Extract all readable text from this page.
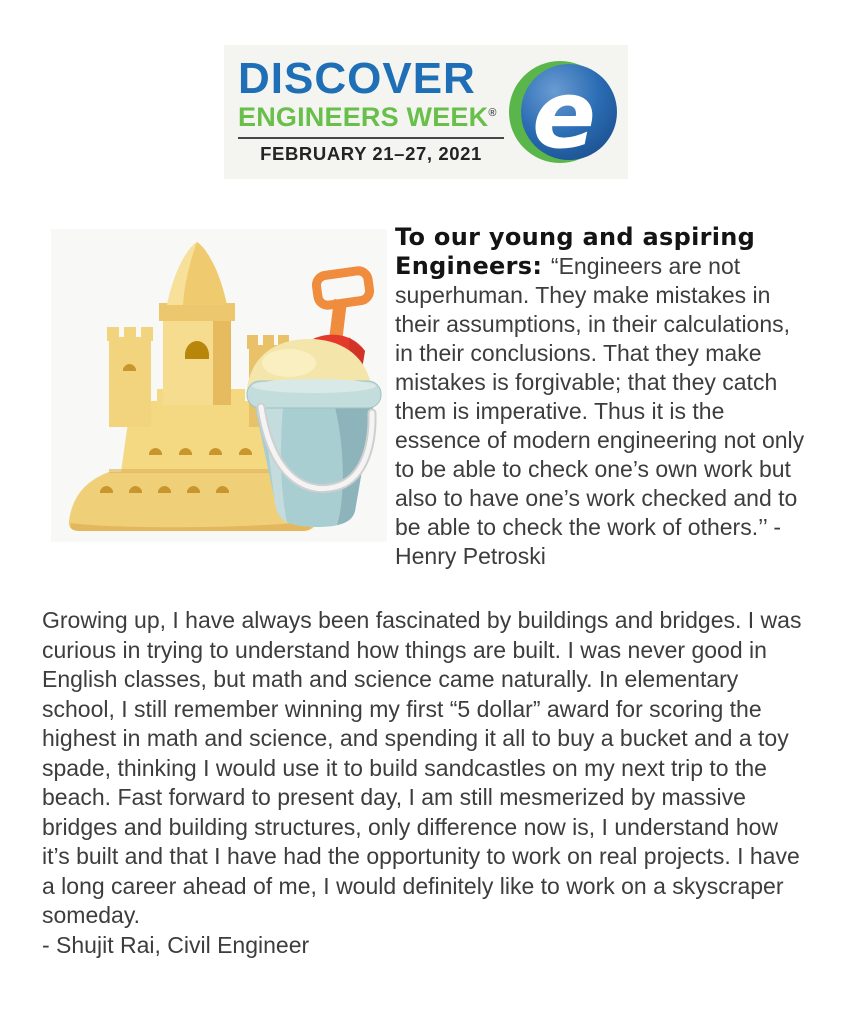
DISCOVER
ENGINEERS WEEK®
FEBRUARY 21–27, 2021 e

To our young and aspiring Engineers: “Engineers are not superhuman. They make mistakes in their assumptions, in their calculations, in their conclusions. That they make mistakes is forgivable; that they catch them is imperative. Thus it is the essence of modern engineering not only to be able to check one’s own work but also to have one’s work checked and to be able to check the work of others.’’ - Henry Petroski

Growing up, I have always been fascinated by buildings and bridges. I was curious in trying to understand how things are built. I was never good in English classes, but math and science came naturally. In elementary school, I still remember winning my first “5 dollar” award for scoring the highest in math and science, and spending it all to buy a bucket and a toy spade, thinking I would use it to build sandcastles on my next trip to the beach. Fast forward to present day, I am still mesmerized by massive bridges and building structures, only difference now is, I understand how it’s built and that I have had the opportunity to work on real projects. I have a long career ahead of me, I would definitely like to work on a skyscraper someday.

- Shujit Rai, Civil Engineer
